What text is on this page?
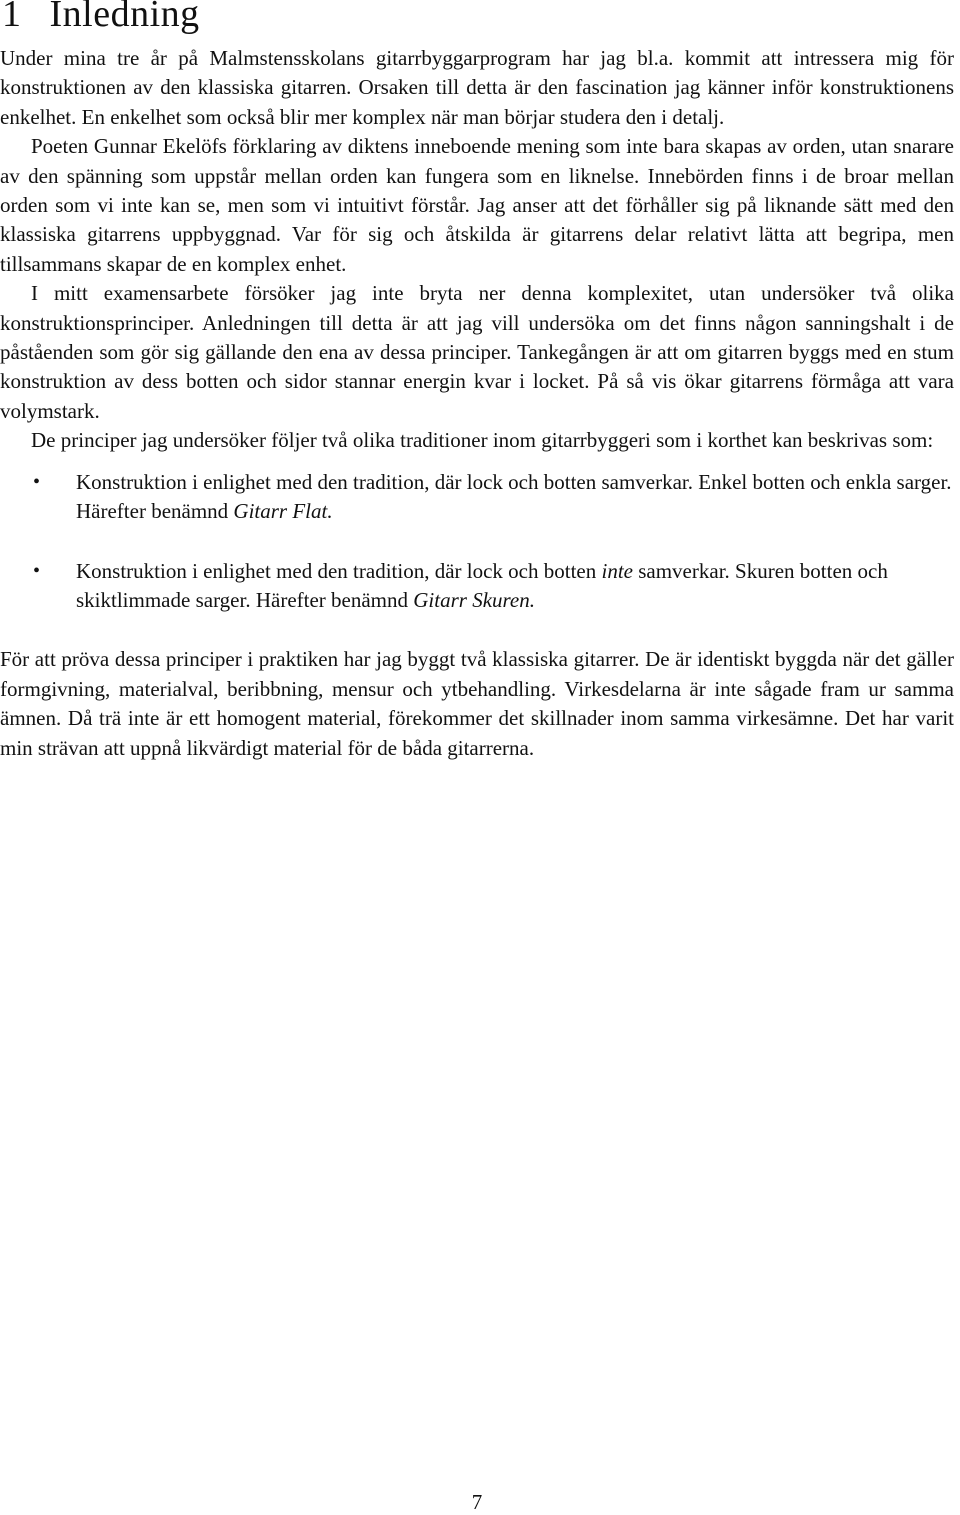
1 Inledning

Under mina tre år på Malmstensskolans gitarrbyggarprogram har jag bl.a. kommit att intressera mig för konstruktionen av den klassiska gitarren. Orsaken till detta är den fascination jag känner inför konstruktionens enkelhet. En enkelhet som också blir mer komplex när man börjar studera den i detalj.

Poeten Gunnar Ekelöfs förklaring av diktens inneboende mening som inte bara skapas av orden, utan snarare av den spänning som uppstår mellan orden kan fungera som en liknelse. Innebörden finns i de broar mellan orden som vi inte kan se, men som vi intuitivt förstår. Jag anser att det förhåller sig på liknande sätt med den klassiska gitarrens uppbyggnad. Var för sig och åtskilda är gitarrens delar relativt lätta att begripa, men tillsammans skapar de en komplex enhet.

I mitt examensarbete försöker jag inte bryta ner denna komplexitet, utan undersöker två olika konstruktionsprinciper. Anledningen till detta är att jag vill undersöka om det finns någon sanningshalt i de påståenden som gör sig gällande den ena av dessa principer. Tankegången är att om gitarren byggs med en stum konstruktion av dess botten och sidor stannar energin kvar i locket. På så vis ökar gitarrens förmåga att vara volymstark.

De principer jag undersöker följer två olika traditioner inom gitarrbyggeri som i korthet kan beskrivas som:

• Konstruktion i enlighet med den tradition, där lock och botten samverkar. Enkel botten och enkla sarger. Härefter benämnd Gitarr Flat.
• Konstruktion i enlighet med den tradition, där lock och botten inte samverkar. Skuren botten och skiktlimmade sarger. Härefter benämnd Gitarr Skuren.

För att pröva dessa principer i praktiken har jag byggt två klassiska gitarrer. De är identiskt byggda när det gäller formgivning, materialval, beribbning, mensur och ytbehandling. Virkesdelarna är inte sågade fram ur samma ämnen. Då trä inte är ett homogent material, förekommer det skillnader inom samma virkesämne. Det har varit min strävan att uppnå likvärdigt material för de båda gitarrerna.

7
